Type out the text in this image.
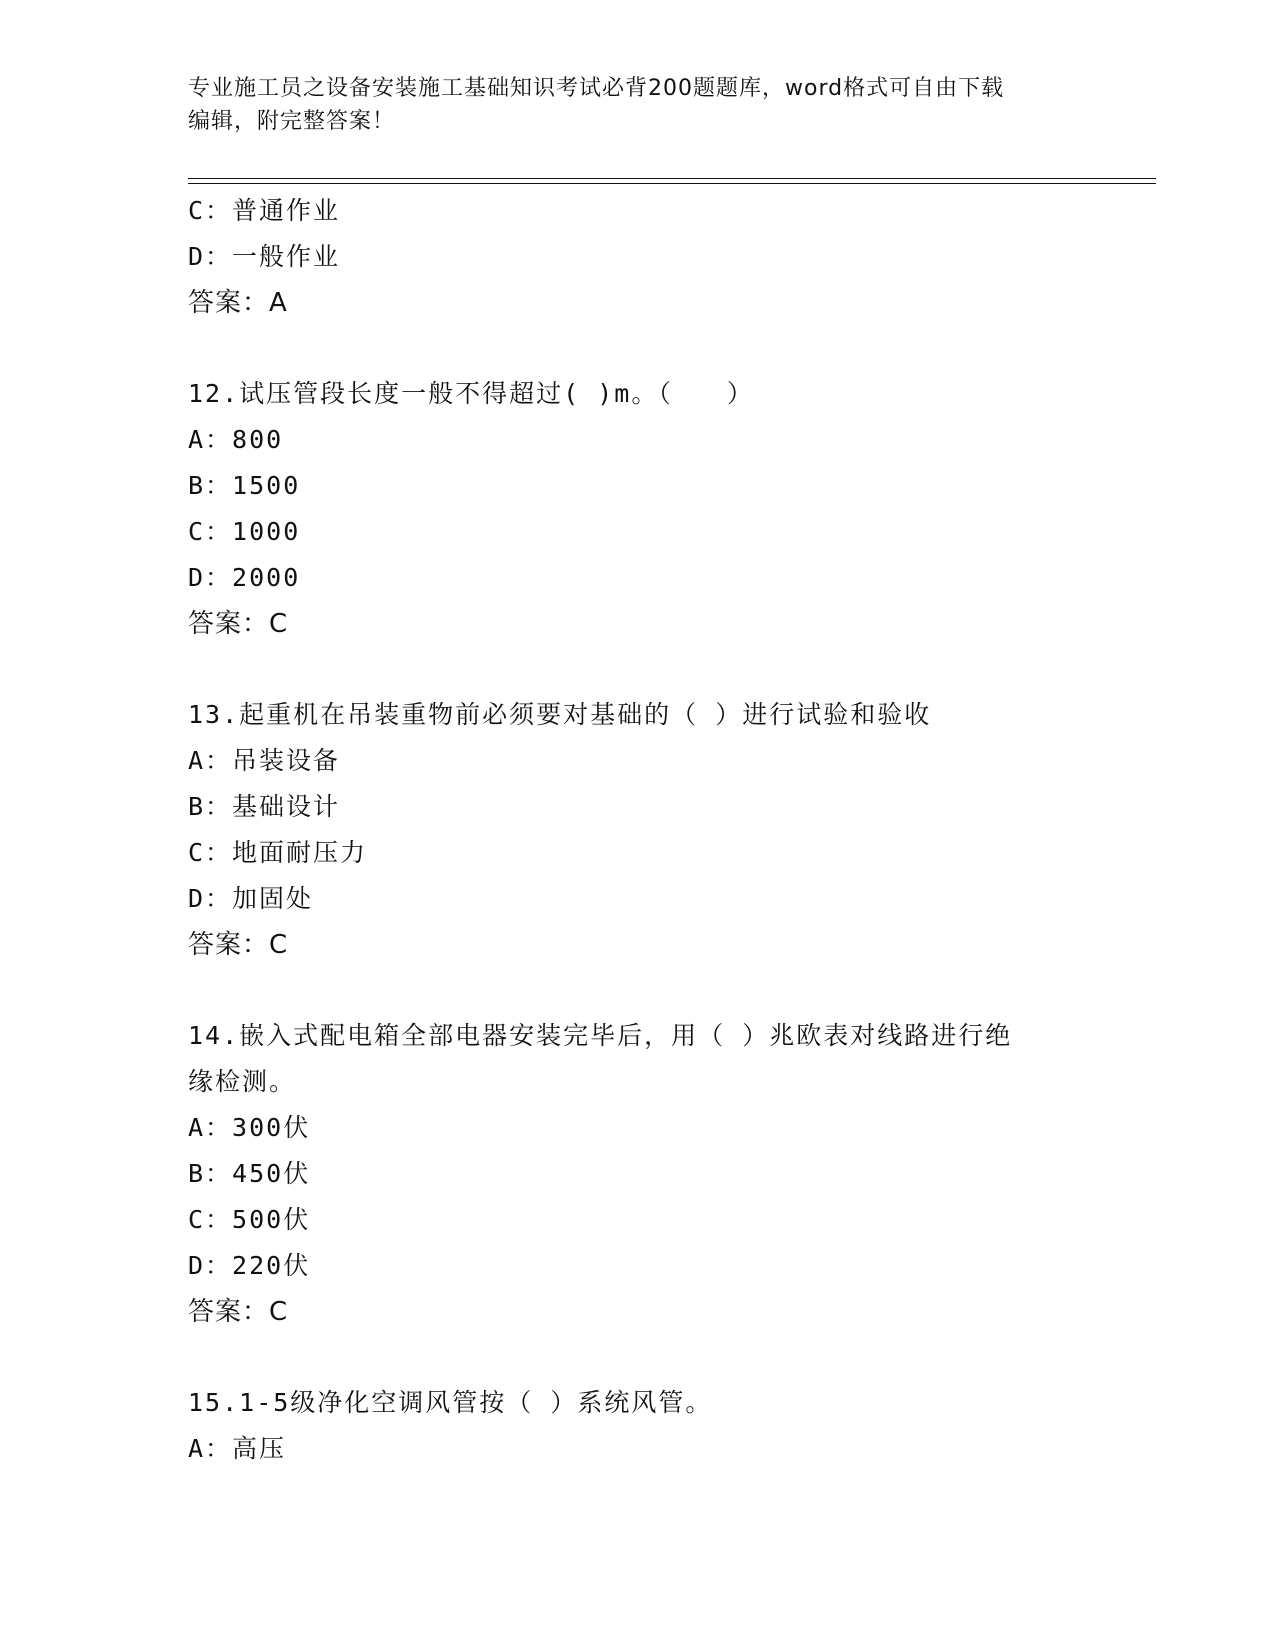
专业施工员之设备安装施工基础知识考试必背200题题库，word格式可自由下载
编辑，附完整答案！
C：普通作业
D：一般作业
答案：A
12.试压管段长度一般不得超过( )m。（　　）
A：800
B：1500
C：1000
D：2000
答案：C
13.起重机在吊装重物前必须要对基础的（ ）进行试验和验收
A：吊装设备
B：基础设计
C：地面耐压力
D：加固处
答案：C
14.嵌入式配电箱全部电器安装完毕后，用（ ）兆欧表对线路进行绝
缘检测。
A：300伏
B：450伏
C：500伏
D：220伏
答案：C
15.1-5级净化空调风管按（ ）系统风管。
A：高压
